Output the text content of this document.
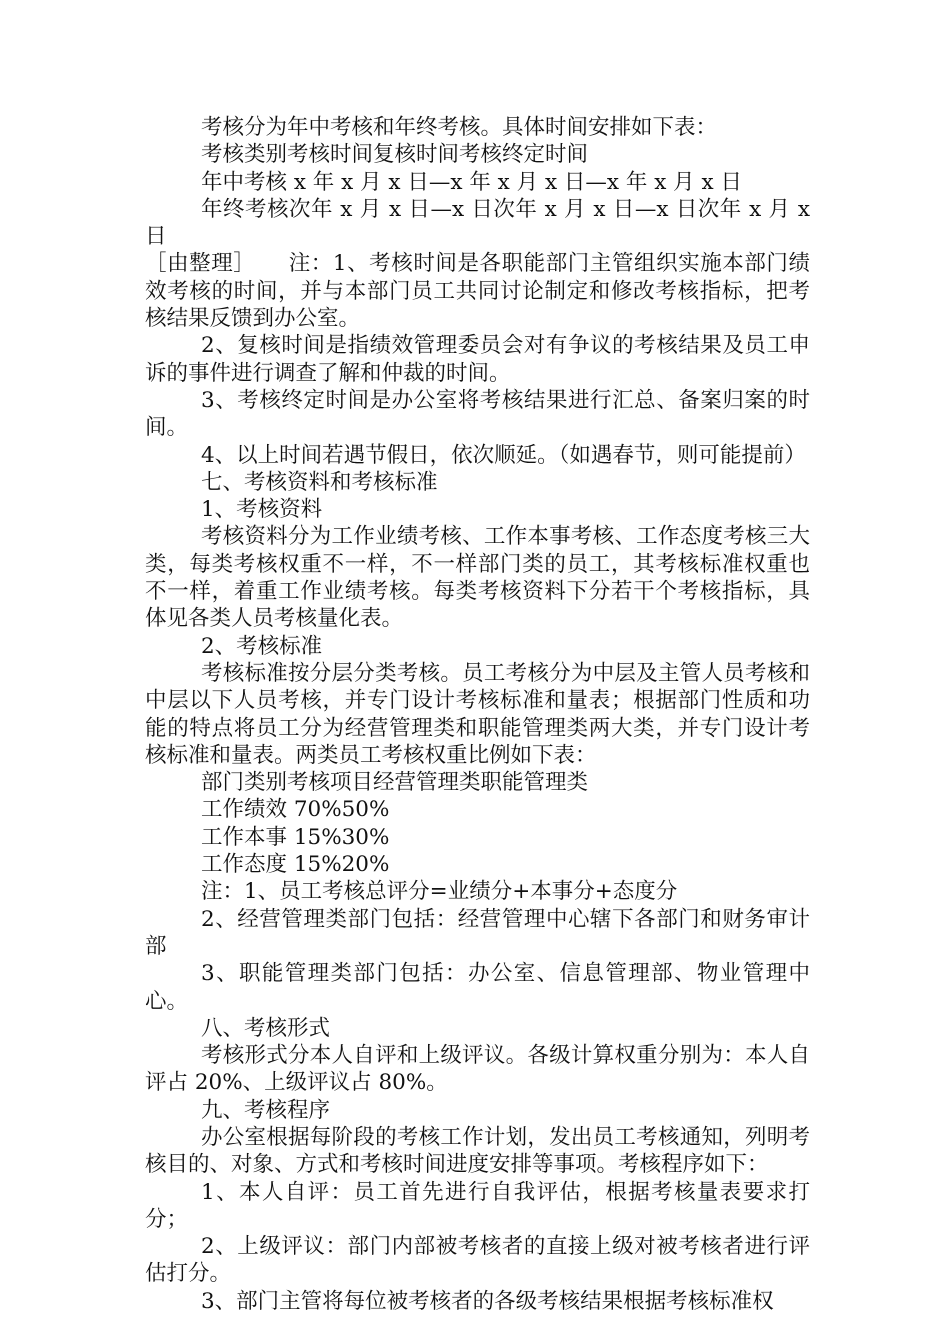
考核分为年中考核和年终考核。具体时间安排如下表：

考核类别考核时间复核时间考核终定时间

年中考核 x 年 x 月 x 日—x 年 x 月 x 日—x 年 x 月 x 日

年终考核次年 x 月 x 日—x 日次年 x 月 x 日—x 日次年 x 月 x 日

［由整理］　　注：1、考核时间是各职能部门主管组织实施本部门绩效考核的时间，并与本部门员工共同讨论制定和修改考核指标，把考核结果反馈到办公室。

2、复核时间是指绩效管理委员会对有争议的考核结果及员工申诉的事件进行调查了解和仲裁的时间。

3、考核终定时间是办公室将考核结果进行汇总、备案归案的时间。

4、以上时间若遇节假日，依次顺延。（如遇春节，则可能提前）

七、考核资料和考核标准

1、考核资料

考核资料分为工作业绩考核、工作本事考核、工作态度考核三大类，每类考核权重不一样，不一样部门类的员工，其考核标准权重也不一样，着重工作业绩考核。每类考核资料下分若干个考核指标，具体见各类人员考核量化表。

2、考核标准

考核标准按分层分类考核。员工考核分为中层及主管人员考核和中层以下人员考核，并专门设计考核标准和量表；根据部门性质和功能的特点将员工分为经营管理类和职能管理类两大类，并专门设计考核标准和量表。两类员工考核权重比例如下表：

部门类别考核项目经营管理类职能管理类

工作绩效 70%50%

工作本事 15%30%

工作态度 15%20%

注：1、员工考核总评分=业绩分+本事分+态度分

2、经营管理类部门包括：经营管理中心辖下各部门和财务审计部

3、职能管理类部门包括：办公室、信息管理部、物业管理中心。

八、考核形式

考核形式分本人自评和上级评议。各级计算权重分别为：本人自评占 20%、上级评议占 80%。

九、考核程序

办公室根据每阶段的考核工作计划，发出员工考核通知，列明考核目的、对象、方式和考核时间进度安排等事项。考核程序如下：

1、本人自评：员工首先进行自我评估，根据考核量表要求打分；

2、上级评议：部门内部被考核者的直接上级对被考核者进行评估打分。

3、部门主管将每位被考核者的各级考核结果根据考核标准权
